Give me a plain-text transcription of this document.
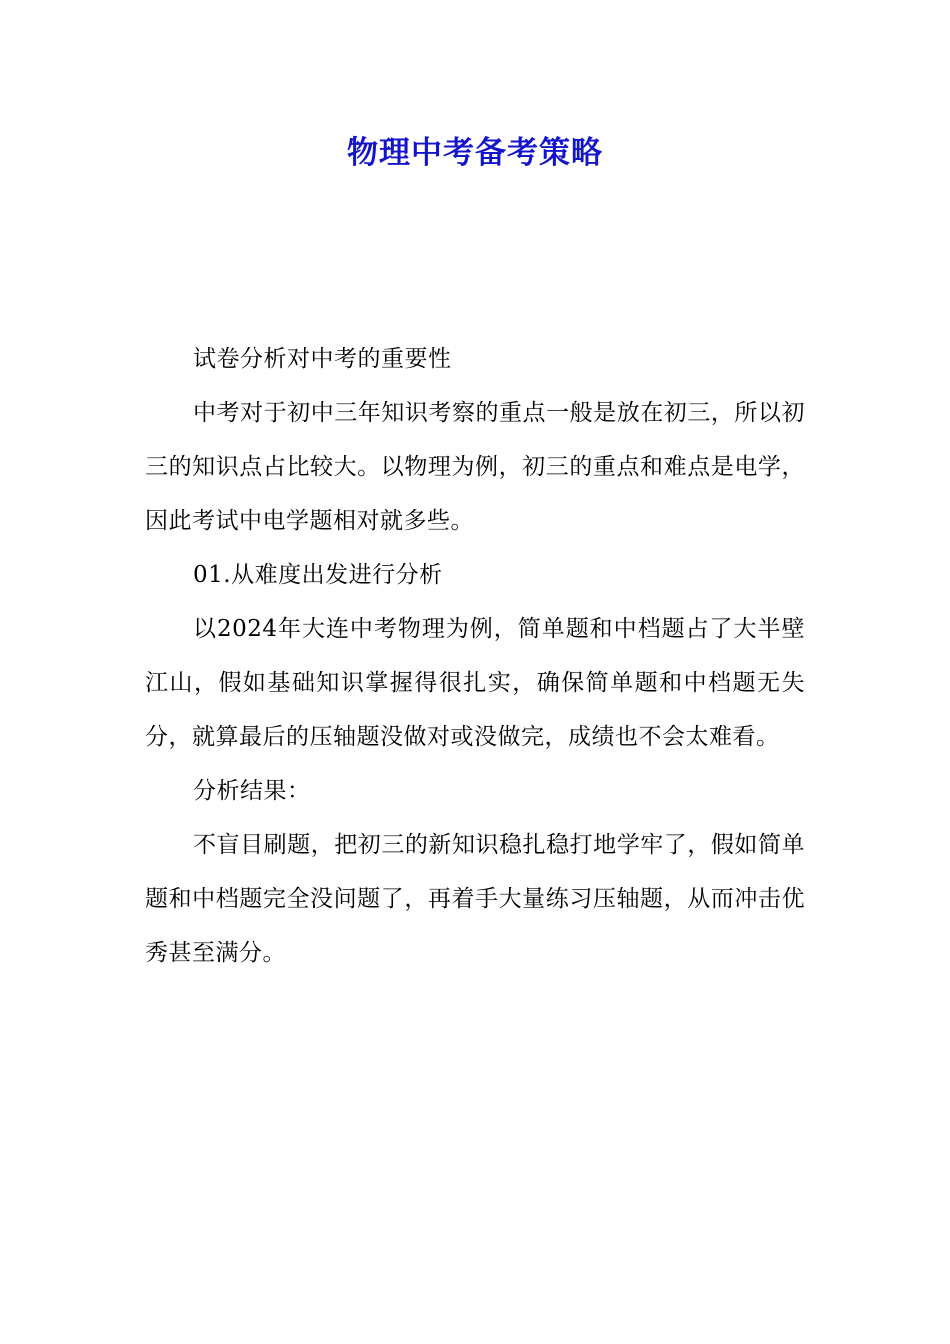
物理中考备考策略

试卷分析对中考的重要性

中考对于初中三年知识考察的重点一般是放在初三，所以初三的知识点占比较大。以物理为例，初三的重点和难点是电学，因此考试中电学题相对就多些。

01.从难度出发进行分析

以2024年大连中考物理为例，简单题和中档题占了大半壁江山，假如基础知识掌握得很扎实，确保简单题和中档题无失分，就算最后的压轴题没做对或没做完，成绩也不会太难看。

分析结果：

不盲目刷题，把初三的新知识稳扎稳打地学牢了，假如简单题和中档题完全没问题了，再着手大量练习压轴题，从而冲击优秀甚至满分。
